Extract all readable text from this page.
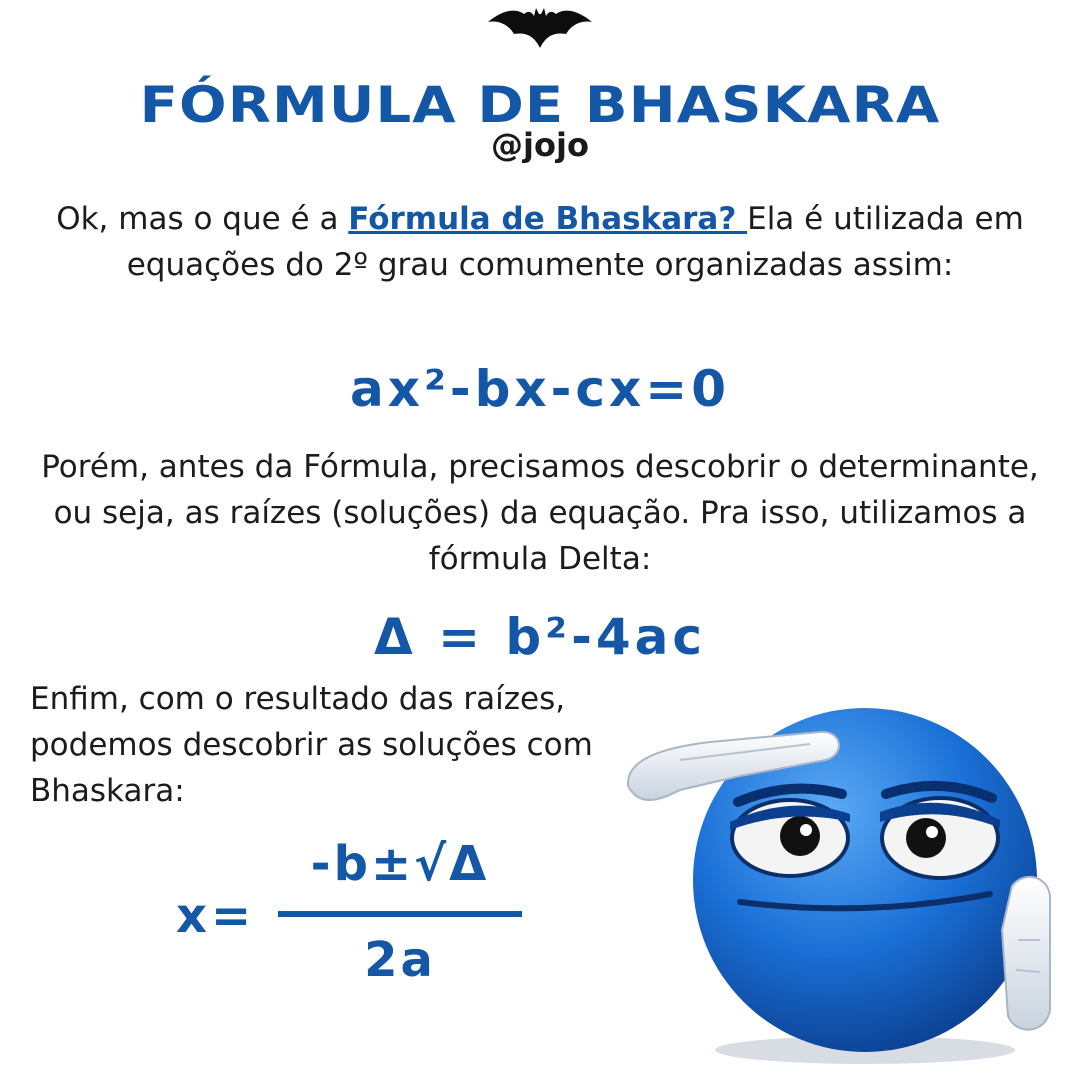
FÓRMULA DE BHASKARA
@jojo
Ok, mas o que é a Fórmula de Bhaskara? Ela é utilizada em equações do 2º grau comumente organizadas assim:
ax²-bx-cx=0
Porém, antes da Fórmula, precisamos descobrir o determinante, ou seja, as raízes (soluções) da equação. Pra isso, utilizamos a fórmula Delta:
Δ = b²-4ac
Enfim, com o resultado das raízes, podemos descobrir as soluções com Bhaskara:
x=
-b±√Δ
2a
